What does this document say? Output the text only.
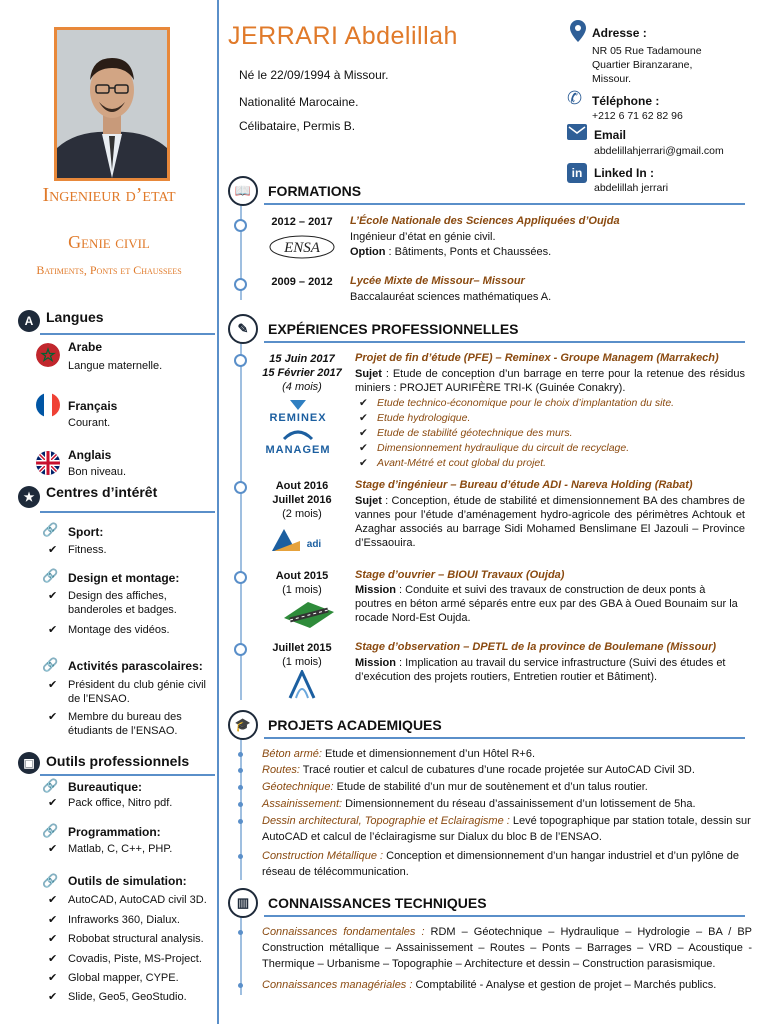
Ingenieur d’etat
Genie civil
Batiments, Ponts et Chaussees
A Langues
Arabe
Langue maternelle.
Français
Courant.
Anglais
Bon niveau.
★ Centres d’intérêt
🔗 Sport:
✔ Fitness.
🔗 Design et montage:
✔ Design des affiches, banderoles et badges.
✔ Montage des vidéos.
🔗 Activités parascolaires:
✔ Président du club génie civil de l’ENSAO.
✔ Membre du bureau des étudiants de l’ENSAO.
▣ Outils professionnels
🔗 Bureautique:
✔ Pack office, Nitro pdf.
🔗 Programmation:
✔ Matlab, C, C++, PHP.
🔗 Outils de simulation:
✔ AutoCAD, AutoCAD civil 3D.
✔ Infraworks 360, Dialux.
✔ Robobat structural analysis.
✔ Covadis, Piste, MS-Project.
✔ Global mapper, CYPE.
✔ Slide, Geo5, GeoStudio.
JERRARI Abdelillah
Né le 22/09/1994 à Missour.
Nationalité Marocaine.
Célibataire, Permis B.
Adresse :
NR 05 Rue Tadamoune
Quartier Biranzarane,
Missour.
✆ Téléphone :
+212 6 71 62 82 96
Email
abdelillahjerrari@gmail.com
in Linked In :
abdelillah jerrari
📖	FORMATIONS
2012 – 2017
ENSA
L’École Nationale des Sciences Appliquées d’Oujda
Ingénieur d’état en génie civil.
Option : Bâtiments, Ponts et Chaussées.
2009 – 2012	Lycée Mixte de Missour– Missour
Baccalauréat sciences mathématiques A.
✎	EXPÉRIENCES PROFESSIONNELLES
15 Juin 2017
15 Février 2017
(4 mois)
REMINEX
MANAGEM
Projet de fin d’étude (PFE) – Reminex - Groupe Managem (Marrakech)
Sujet : Etude de conception d’un barrage en terre pour la retenue des résidus miniers : PROJET AURIFÈRE TRI-K (Guinée Conakry).
✔ Etude technico-économique pour le choix d’implantation du site.
✔ Etude hydrologique.
✔ Etude de stabilité géotechnique des murs.
✔ Dimensionnement hydraulique du circuit de recyclage.
✔ Avant-Métré et cout global du projet.
Aout 2016
Juillet 2016
(2 mois)
adi
Stage d’ingénieur – Bureau d’étude ADI - Nareva Holding (Rabat)
Sujet : Conception, étude de stabilité et dimensionnement BA des chambres de vannes pour l’étude d’aménagement hydro-agricole des périmètres Achtouk et Azaghar associés au barrage Sidi Mohamed Benslimane El Jazouli – Province d’Essaouira.
Aout 2015
(1 mois)
Stage d’ouvrier – BIOUI Travaux (Oujda)
Mission : Conduite et suivi des travaux de construction de deux ponts à poutres en béton armé séparés entre eux par des GBA à Oued Bounaim sur la rocade Nord-Est Oujda.
Juillet 2015
(1 mois)
Stage d’observation – DPETL de la province de Boulemane (Missour)
Mission : Implication au travail du service infrastructure (Suivi des études et d’exécution des projets routiers, Entretien routier et Bâtiment).
🎓	PROJETS ACADEMIQUES
Béton armé: Etude et dimensionnement d’un Hôtel R+6.
Routes: Tracé routier et calcul de cubatures d’une rocade projetée sur AutoCAD Civil 3D.
Géotechnique: Etude de stabilité d’un mur de soutènement et d’un talus routier.
Assainissement: Dimensionnement du réseau d’assainissement d’un lotissement de 5ha.
Dessin architectural, Topographie et Eclairagisme : Levé topographique par station totale, dessin sur AutoCAD et calcul de l’éclairagisme sur Dialux du bloc B de l’ENSAO.
Construction Métallique : Conception et dimensionnement d’un hangar industriel et d’un pylône de réseau de télécommunication.
▥	CONNAISSANCES TECHNIQUES
Connaissances fondamentales : RDM – Géotechnique – Hydraulique – Hydrologie – BA / BP Construction métallique – Assainissement – Routes – Ponts – Barrages – VRD – Acoustique - Thermique – Urbanisme – Topographie – Architecture et dessin – Construction parasismique.
Connaissances managériales : Comptabilité - Analyse et gestion de projet – Marchés publics.
